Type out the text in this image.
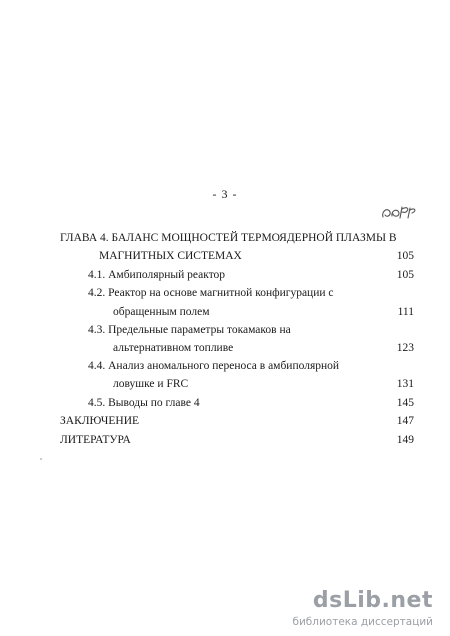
- 3 -
ГЛАВА 4. БАЛАНС МОЩНОСТЕЙ ТЕРМОЯДЕРНОЙ ПЛАЗМЫ В
МАГНИТНЫХ СИСТЕМАХ	105
4.1. Амбиполярный реактор	105
4.2. Реактор на основе магнитной конфигурации с
обращенным полем	111
4.3. Предельные параметры токамаков на
альтернативном топливе	123
4.4. Анализ аномального переноса в амбиполярной
ловушке и FRC	131
4.5. Выводы по главе 4	145
ЗАКЛЮЧЕНИЕ	147
ЛИТЕРАТУРА	149
dsLib.net
библиотека диссертаций
